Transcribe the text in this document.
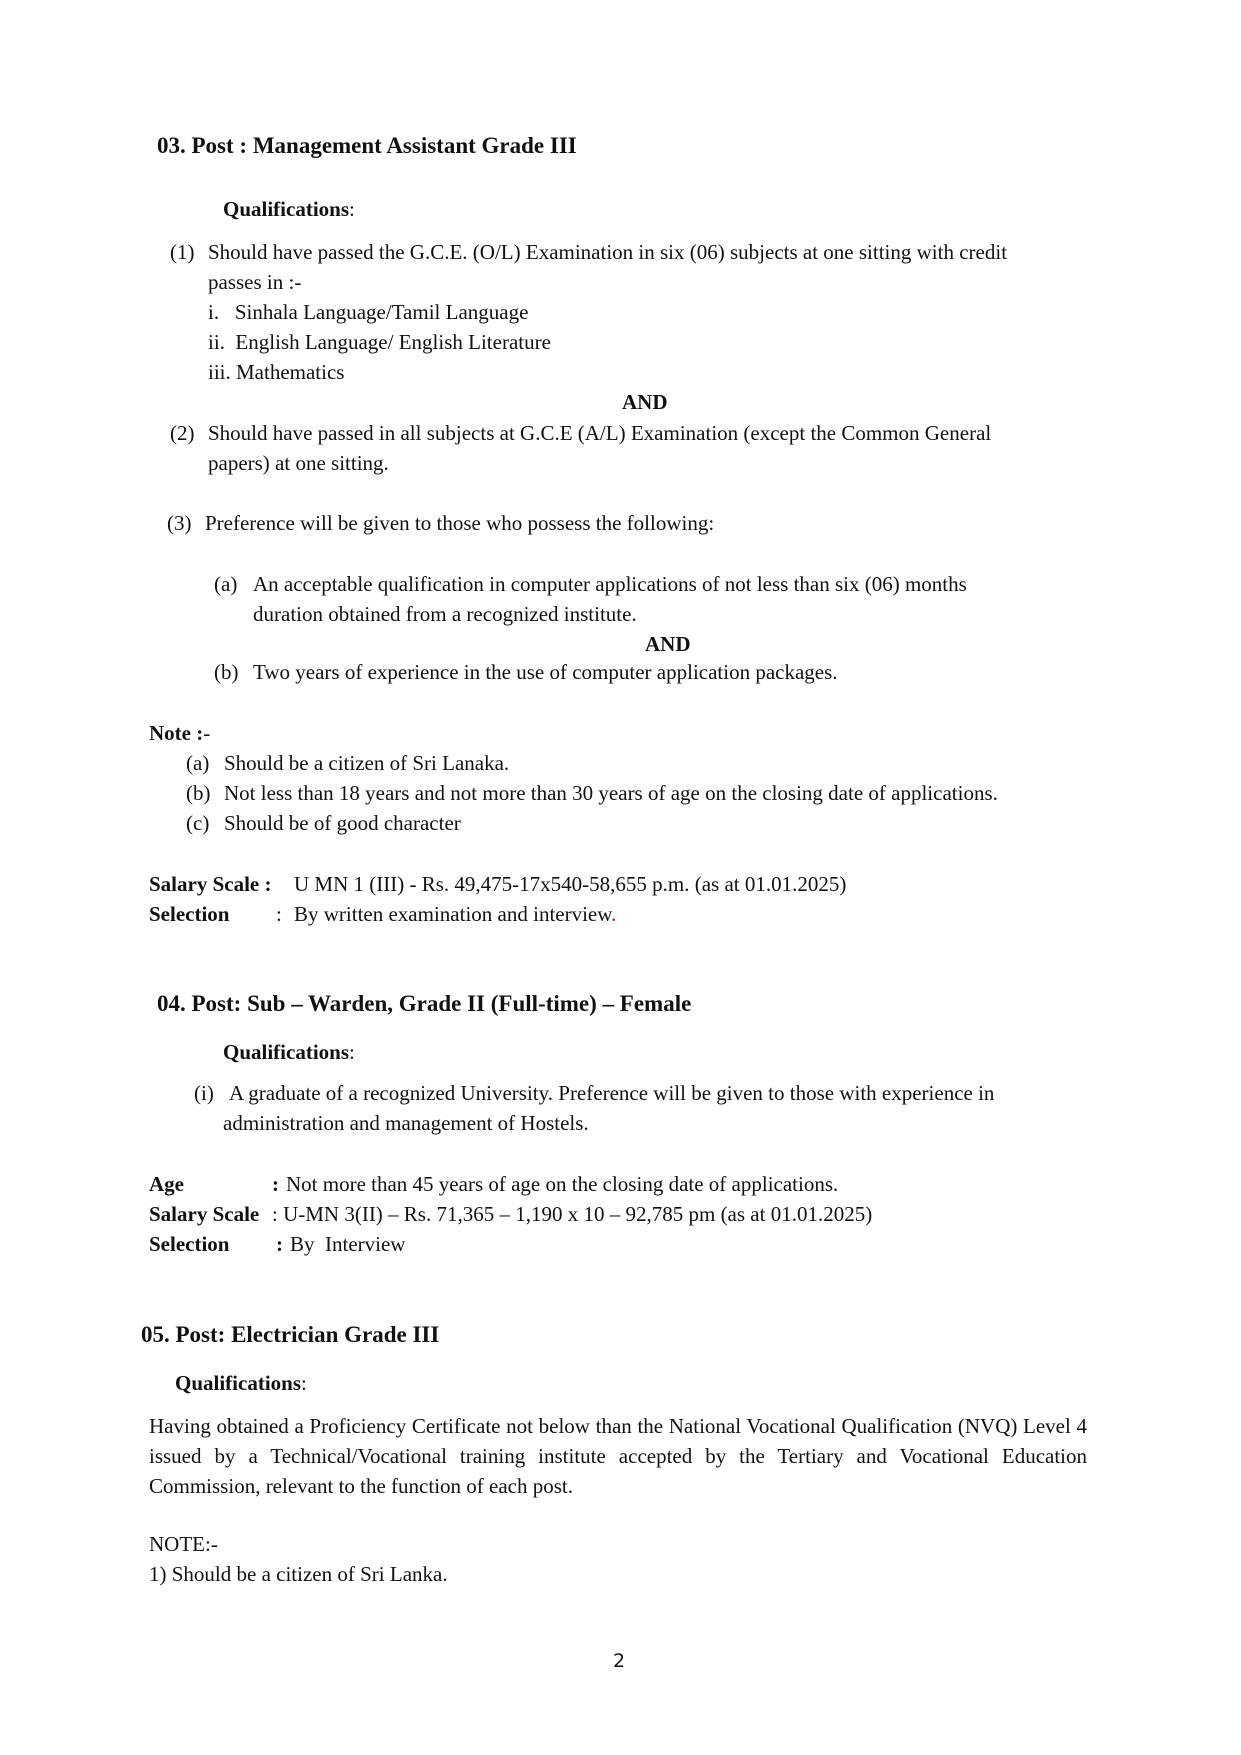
03. Post : Management Assistant Grade III
Qualifications:
(1) Should have passed the G.C.E. (O/L) Examination in six (06) subjects at one sitting with credit
passes in :-
i.   Sinhala Language/Tamil Language
ii.  English Language/ English Literature
iii. Mathematics
AND
(2) Should have passed in all subjects at G.C.E (A/L) Examination (except the Common General
papers) at one sitting.
(3) Preference will be given to those who possess the following:
(a) An acceptable qualification in computer applications of not less than six (06) months
duration obtained from a recognized institute.
AND
(b) Two years of experience in the use of computer application packages.
Note :-
(a) Should be a citizen of Sri Lanaka.
(b) Not less than 18 years and not more than 30 years of age on the closing date of applications.
(c) Should be of good character
Salary Scale : U MN 1 (III) - Rs. 49,475-17x540-58,655 p.m. (as at 01.01.2025)
Selection : By written examination and interview.
04. Post: Sub – Warden, Grade II (Full-time) – Female
Qualifications:
(i) A graduate of a recognized University. Preference will be given to those with experience in
administration and management of Hostels.
Age	: Not more than 45 years of age on the closing date of applications.
Salary Scale : U-MN 3(II) – Rs. 71,365 – 1,190 x 10 – 92,785 pm (as at 01.01.2025)
Selection : By  Interview
05. Post: Electrician Grade III
Qualifications:
Having obtained a Proficiency Certificate not below than the National Vocational Qualification (NVQ) Level 4 issued by a Technical/Vocational training institute accepted by the Tertiary and Vocational Education Commission, relevant to the function of each post.
NOTE:-
1) Should be a citizen of Sri Lanka.
2
